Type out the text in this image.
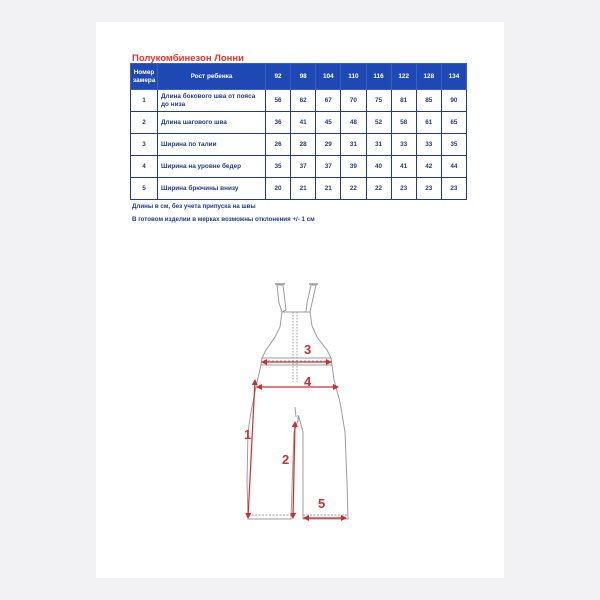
Полукомбинезон Лонни
Номер замера	Рост ребенка	92	98	104	110	116	122	128	134
1	Длина бокового шва от пояса до низа	56	62	67	70	75	81	85	90
2	Длина шагового шва	36	41	45	48	52	58	61	65
3	Ширина по талии	26	28	29	31	31	33	33	35
4	Ширина на уровне бедер	35	37	37	39	40	41	42	44
5	Ширина брючины внизу	20	21	21	22	22	23	23	23
Длины в см, без учета припуска на швы
В готовом изделии в мерках возможны отклонения +/- 1 см
3
4
1
2
5
